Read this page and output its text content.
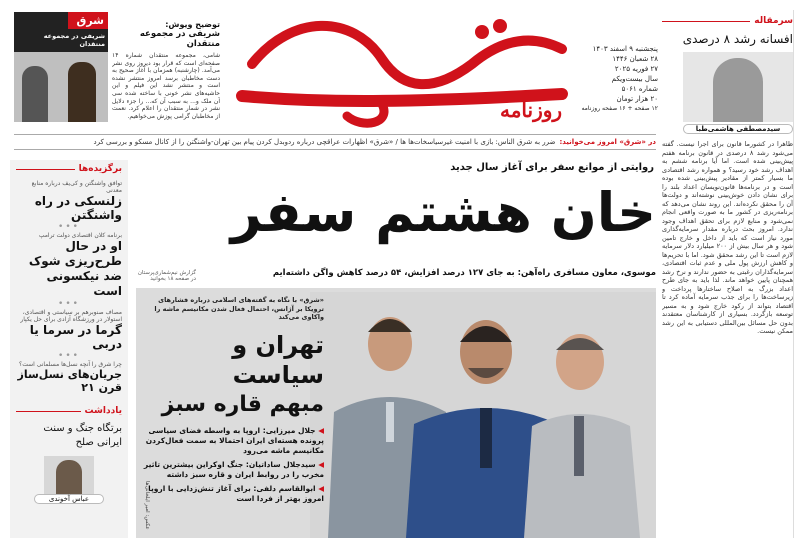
روزنامه
پنجشنبه ۹ اسفند ۱۴۰۳
۲۸ شعبان ۱۴۴۶
۲۷ فوریه ۲۰۲۵
سال بیست‌ویکم
شماره ۵۰۶۱
۲۰ هزار تومان
۱۲ صفحه + ۱۶ صفحه روزنامه
شرق
شریفی در مجموعه منتقدان
توضیح ویوش:
شریفی در مجموعه منتقدان
شامی، مجموعه منتقدان شماره ۱۴ صفحه‌ای است که قرار بود دیروز روی نشر می‌آمد. (چارشنبه) همزمان با آغاز صحیح به دست مخاطبان برسد امروز منتشر نشده است و منتشر نشد این فیلم و این حاشیه‌های نشر خونی با ساخته شده سی آن ملک و... به سبب آن که... را جزء دلایل نشر در شمار منتقدان را اعلام کرد. نعمت از مخاطبان گرامی پوزش می‌خواهیم.
در «شرق» امروز می‌خوانید:
ضرر به شرق الناس: بازی با امنیت غیرسیاسخات‌ها ها / «شرق» اظهارات عراقچی درباره ردوبدل کردن پیام بین تهران-واشنگتن را از کانال مسکو و بررسی کرد
سرمقاله
افسانه رشد ۸ درصدی
سیدمصطفی هاشمی‌طبا
ظاهرا در کشورما قانون برای اجرا نیست. گفته می‌شود رشد ۸ درصدی در قانون برنامه هفتم پیش‌بینی شده است. اما آیا برنامه ششم به اهداف رشد خود رسید؟ و همواره رشد اقتصادی ما بسیار کمتر از مقادیر پیش‌بینی شده بوده است و در برنامه‌ها قانون‌نویسان اعداد بلند را برای نشان دادن خوش‌بینی نوشته‌اند و دولت‌ها آن را محقق نکرده‌اند. این روند نشان می‌دهد که برنامه‌ریزی در کشور ما به صورت واقعی انجام نمی‌شود و منابع لازم برای تحقق اهداف وجود ندارد. امروز بحث درباره مقدار سرمایه‌گذاری مورد نیاز است که باید از داخل و خارج تامین شود و هر سال بیش از ۲۰۰ میلیارد دلار سرمایه لازم است تا این رشد محقق شود. اما با تحریم‌ها و کاهش ارزش پول ملی و عدم ثبات اقتصادی، سرمایه‌گذاران رغبتی به حضور ندارند و نرخ رشد همچنان پایین خواهد ماند. لذا باید به جای طرح اعداد بزرگ به اصلاح ساختارها پرداخت و زیرساخت‌ها را برای جذب سرمایه آماده کرد تا اقتصاد بتواند از رکود خارج شود و به مسیر توسعه بازگردد. بسیاری از کارشناسان معتقدند بدون حل مسائل بین‌المللی دستیابی به این رشد ممکن نیست.
برگزیده‌ها
توافق واشنگتن و کی‌یف درباره منابع معدنی
زلنسکی در راه واشنگتن
•••
برنامه کلان اقتصادی دولت ترامپ
او در حال طرح‌ریزی شوک ضد نیکسونی است
•••
مصاف صنوبرهم بر سیاستی و اقتصادی، استولار در ورزشگاه آزادی برای حل یکپار
گرما در سرما یا دربی
•••
چرا شرق را آنچه نسل‌ها مسلمانی است؟
جریان‌های نسل‌ساز قرن ۲۱
یادداشت
برتگاه جنگ و سنت ایرانی صلح
عباس آخوندی
روایتی از موانع سفر برای آغاز سال جدید
خان هشتم سفر
موسوی، معاون مسافری راه‌آهن: به جای ۱۲۷ درصد افزایش، ۵۴ درصد کاهش واگن داشته‌ایم
گزارش نیم‌شماری‌پرستان در صفحه ۱۸ بخوانید
«شرق» با نگاه به گفته‌های اسلامی درباره فشارهای ترویکا بر آژانس، احتمال فعال شدن مکانیسم ماشه را واکاوی می‌کند
تهران و سیاست
مبهم قاره سبز
◀ جلال میرزایی: اروپا به واسطه فضای سیاسی پرونده هسته‌ای ایران احتمالا به سمت فعال‌کردن مکانیسم ماشه می‌رود
◀ سیدجلال ساداتیان: جنگ اوکراین بیشترین تاثیر مخرب را در روابط ایران و قاره سبز داشته
◀ ابوالقاسم دلفی: برای آغاز تنش‌زدایی با اروپا امروز بهتر از فردا است
عکس: امیر ایلخانی‌ها
